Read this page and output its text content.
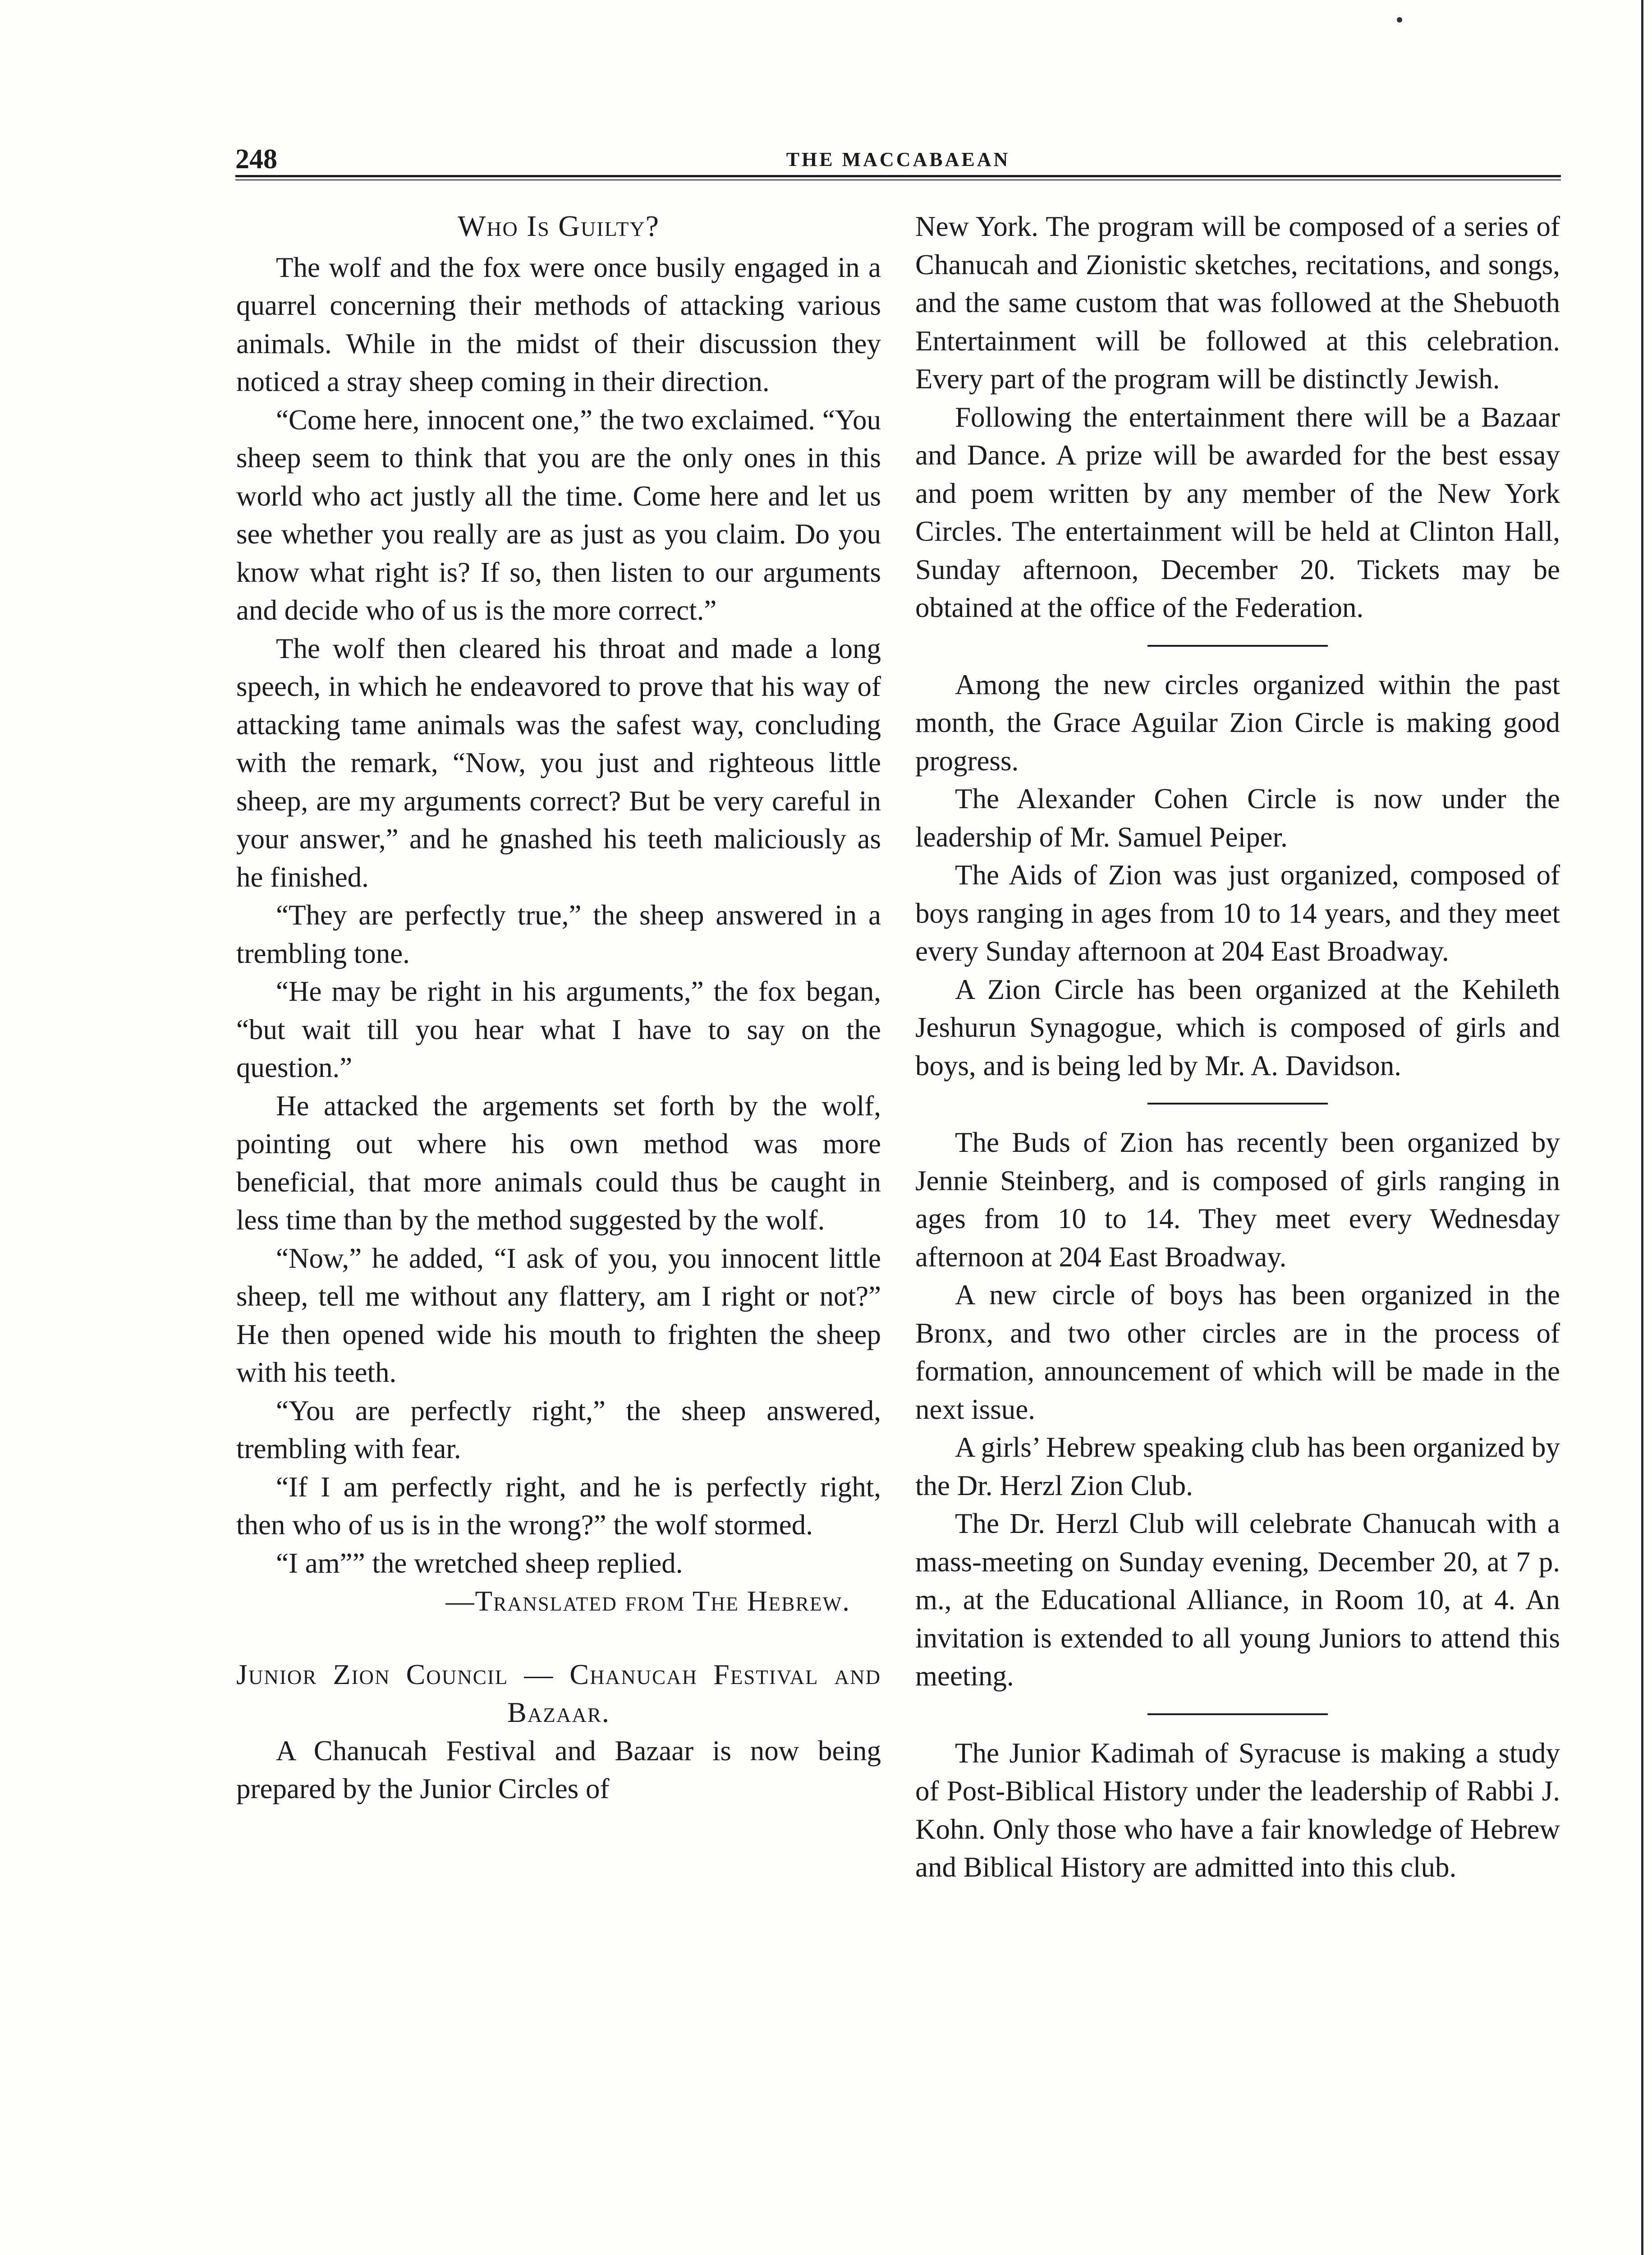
248	THE MACCABAEAN
Who Is Guilty?

The wolf and the fox were once busily engaged in a quarrel concerning their methods of attacking various animals. While in the midst of their discussion they noticed a stray sheep coming in their direction.

“Come here, innocent one,” the two exclaimed. “You sheep seem to think that you are the only ones in this world who act justly all the time. Come here and let us see whether you really are as just as you claim. Do you know what right is? If so, then listen to our arguments and decide who of us is the more correct.”

The wolf then cleared his throat and made a long speech, in which he endeavored to prove that his way of attacking tame animals was the safest way, concluding with the remark, “Now, you just and righteous little sheep, are my arguments correct? But be very careful in your answer,” and he gnashed his teeth maliciously as he finished.

“They are perfectly true,” the sheep answered in a trembling tone.

“He may be right in his arguments,” the fox began, “but wait till you hear what I have to say on the question.”

He attacked the argements set forth by the wolf, pointing out where his own method was more beneficial, that more animals could thus be caught in less time than by the method suggested by the wolf.

“Now,” he added, “I ask of you, you innocent little sheep, tell me without any flattery, am I right or not?” He then opened wide his mouth to frighten the sheep with his teeth.

“You are perfectly right,” the sheep answered, trembling with fear.

“If I am perfectly right, and he is perfectly right, then who of us is in the wrong?” the wolf stormed.

“I am”” the wretched sheep replied.

—Translated from The Hebrew.
Junior Zion Council — Chanucah Festival and Bazaar.

A Chanucah Festival and Bazaar is now being prepared by the Junior Circles of

New York. The program will be composed of a series of Chanucah and Zionistic sketches, recitations, and songs, and the same custom that was followed at the Shebuoth Entertainment will be followed at this celebration. Every part of the program will be distinctly Jewish.

Following the entertainment there will be a Bazaar and Dance. A prize will be awarded for the best essay and poem written by any member of the New York Circles. The entertainment will be held at Clinton Hall, Sunday afternoon, December 20. Tickets may be obtained at the office of the Federation.

Among the new circles organized within the past month, the Grace Aguilar Zion Circle is making good progress.

The Alexander Cohen Circle is now under the leadership of Mr. Samuel Peiper.

The Aids of Zion was just organized, composed of boys ranging in ages from 10 to 14 years, and they meet every Sunday afternoon at 204 East Broadway.

A Zion Circle has been organized at the Kehileth Jeshurun Synagogue, which is composed of girls and boys, and is being led by Mr. A. Davidson.

The Buds of Zion has recently been organized by Jennie Steinberg, and is composed of girls ranging in ages from 10 to 14. They meet every Wednesday afternoon at 204 East Broadway.

A new circle of boys has been organized in the Bronx, and two other circles are in the process of formation, announcement of which will be made in the next issue.

A girls’ Hebrew speaking club has been organized by the Dr. Herzl Zion Club.

The Dr. Herzl Club will celebrate Chanucah with a mass-meeting on Sunday evening, December 20, at 7 p. m., at the Educational Alliance, in Room 10, at 4. An invitation is extended to all young Juniors to attend this meeting.

The Junior Kadimah of Syracuse is making a study of Post-Biblical History under the leadership of Rabbi J. Kohn. Only those who have a fair knowledge of Hebrew and Biblical History are admitted into this club.
